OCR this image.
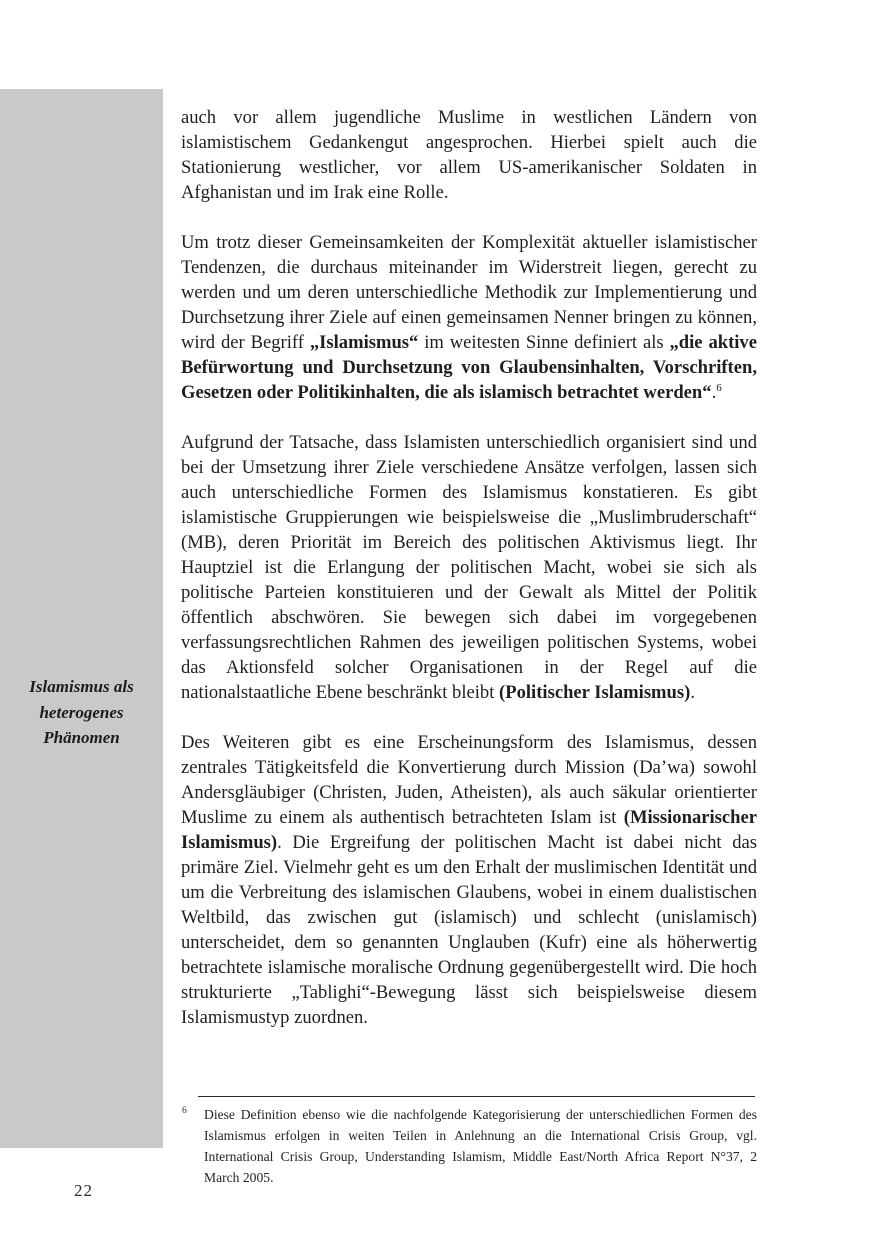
Islamismus als
heterogenes
Phänomen

auch vor allem jugendliche Muslime in westlichen Ländern von islamistischem Gedankengut angesprochen. Hierbei spielt auch die Stationierung westlicher, vor allem US-amerikanischer Soldaten in Afghanistan und im Irak eine Rolle.

Um trotz dieser Gemeinsamkeiten der Komplexität aktueller islamistischer Tendenzen, die durchaus miteinander im Widerstreit liegen, gerecht zu werden und um deren unterschiedliche Methodik zur Implementierung und Durchsetzung ihrer Ziele auf einen gemeinsamen Nenner bringen zu können, wird der Begriff „Islamismus“ im weitesten Sinne definiert als „die aktive Befürwortung und Durchsetzung von Glaubensinhalten, Vorschriften, Gesetzen oder Politikinhalten, die als islamisch betrachtet werden“.$^6$

Aufgrund der Tatsache, dass Islamisten unterschiedlich organisiert sind und bei der Umsetzung ihrer Ziele verschiedene Ansätze verfolgen, lassen sich auch unterschiedliche Formen des Islamismus konstatieren. Es gibt islamistische Gruppierungen wie beispielsweise die „Muslimbruderschaft“ (MB), deren Priorität im Bereich des politischen Aktivismus liegt. Ihr Hauptziel ist die Erlangung der politischen Macht, wobei sie sich als politische Parteien konstituieren und der Gewalt als Mittel der Politik öffentlich abschwören. Sie bewegen sich dabei im vorgegebenen verfassungsrechtlichen Rahmen des jeweiligen politischen Systems, wobei das Aktionsfeld solcher Organisationen in der Regel auf die nationalstaatliche Ebene beschränkt bleibt (Politischer Islamismus).

Des Weiteren gibt es eine Erscheinungsform des Islamismus, dessen zentrales Tätigkeitsfeld die Konvertierung durch Mission (Da’wa) sowohl Andersgläubiger (Christen, Juden, Atheisten), als auch säkular orientierter Muslime zu einem als authentisch betrachteten Islam ist (Missionarischer Islamismus). Die Ergreifung der politischen Macht ist dabei nicht das primäre Ziel. Vielmehr geht es um den Erhalt der muslimischen Identität und um die Verbreitung des islamischen Glaubens, wobei in einem dualistischen Weltbild, das zwischen gut (islamisch) und schlecht (unislamisch) unterscheidet, dem so genannten Unglauben (Kufr) eine als höherwertig betrachtete islamische moralische Ordnung gegenübergestellt wird. Die hoch strukturierte „Tablighi“-Bewegung lässt sich beispielsweise diesem Islamismustyp zuordnen.

6	Diese Definition ebenso wie die nachfolgende Kategorisierung der unterschiedlichen Formen des Islamismus erfolgen in weiten Teilen in Anlehnung an die International Crisis Group, vgl. International Crisis Group, Understanding Islamism, Middle East/North Africa Report N°37, 2 March 2005.
22
